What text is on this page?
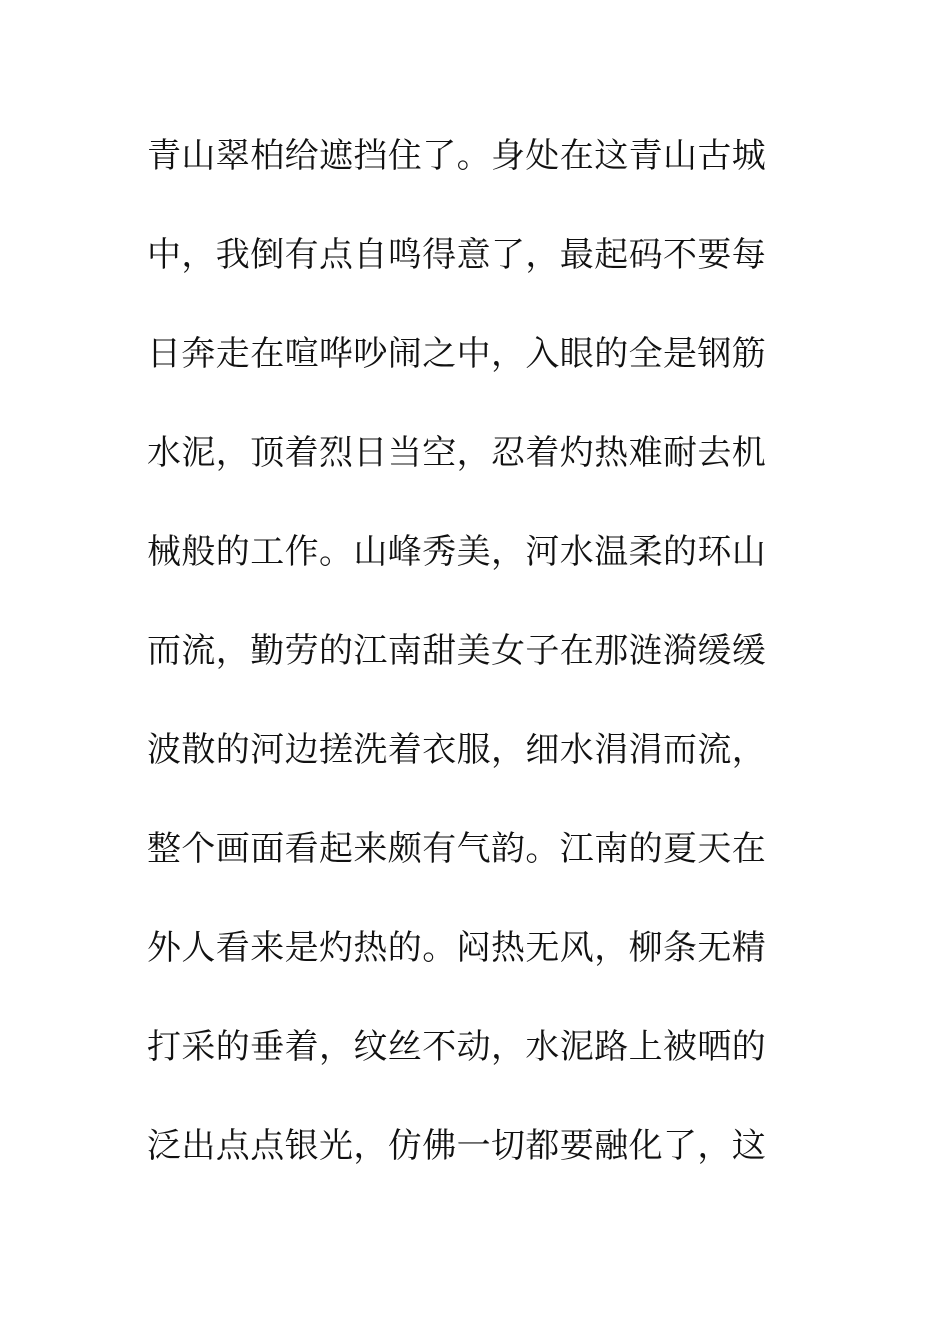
青山翠柏给遮挡住了。身处在这青山古城
中，我倒有点自鸣得意了，最起码不要每
日奔走在喧哗吵闹之中，入眼的全是钢筋
水泥，顶着烈日当空，忍着灼热难耐去机
械般的工作。山峰秀美，河水温柔的环山
而流，勤劳的江南甜美女子在那涟漪缓缓
波散的河边搓洗着衣服，细水涓涓而流，
整个画面看起来颇有气韵。江南的夏天在
外人看来是灼热的。闷热无风，柳条无精
打采的垂着，纹丝不动，水泥路上被晒的
泛出点点银光，仿佛一切都要融化了，这
